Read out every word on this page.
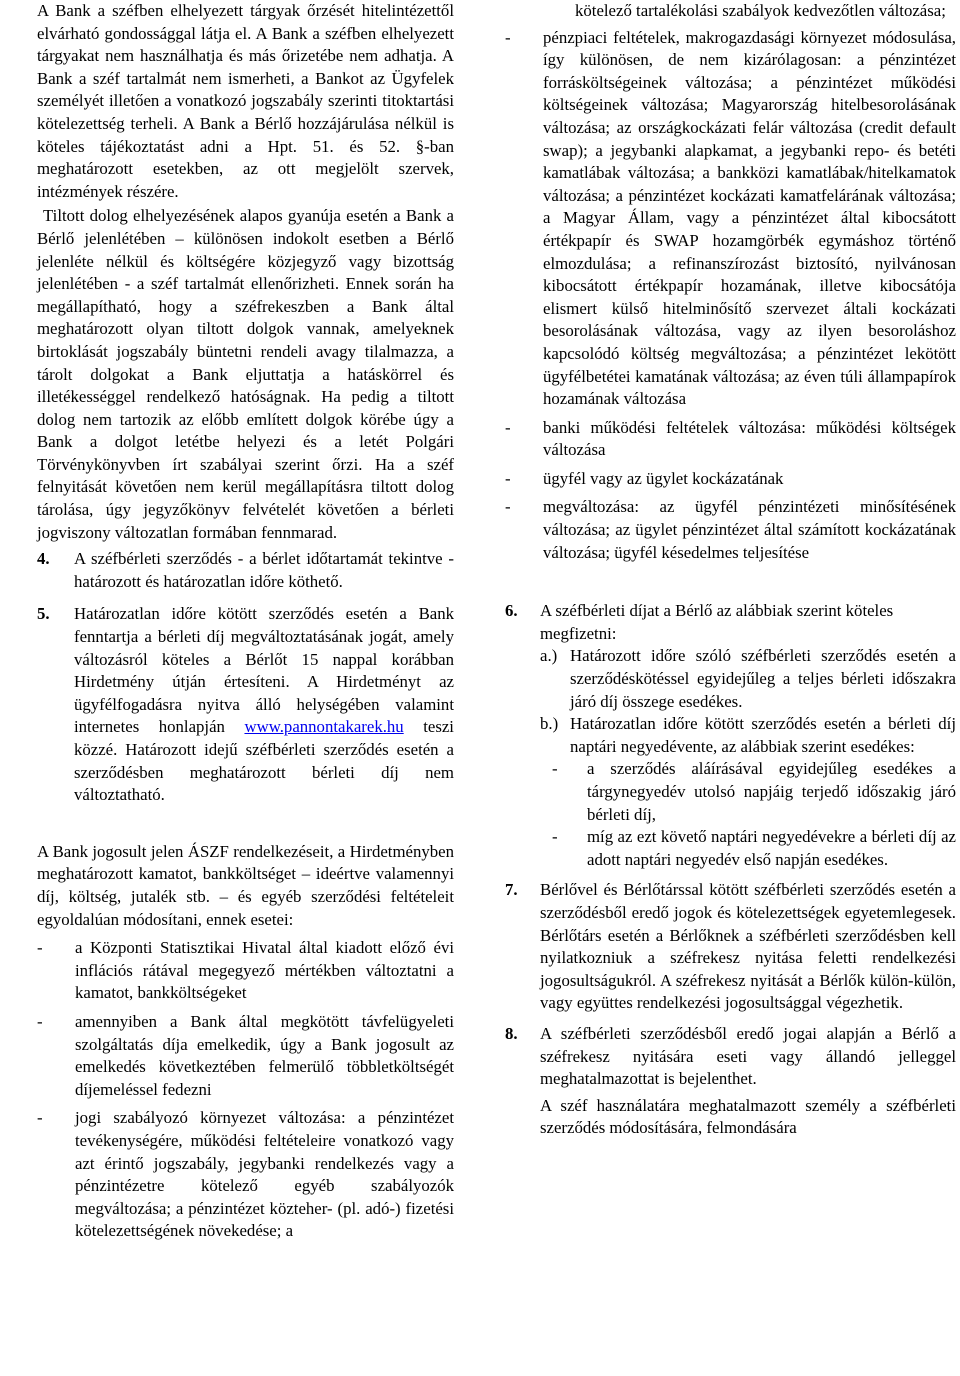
A Bank a széfben elhelyezett tárgyak őrzését hitelintézettől elvárható gondossággal látja el. A Bank a széfben elhelyezett tárgyakat nem használhatja és más őrizetébe nem adhatja. A Bank a széf tartalmát nem ismerheti, a Bankot az Ügyfelek személyét illetően a vonatkozó jogszabály szerinti titoktartási kötelezettség terheli. A Bank a Bérlő hozzájárulása nélkül is köteles tájékoztatást adni a Hpt. 51. és 52. §-ban meghatározott esetekben, az ott megjelölt szervek, intézmények részére.

Tiltott dolog elhelyezésének alapos gyanúja esetén a Bank a Bérlő jelenlétében – különösen indokolt esetben a Bérlő jelenléte nélkül és költségére közjegyző vagy bizottság jelenlétében - a széf tartalmát ellenőrizheti. Ennek során ha megállapítható, hogy a széfrekeszben a Bank által meghatározott olyan tiltott dolgok vannak, amelyeknek birtoklását jogszabály büntetni rendeli avagy tilalmazza, a tárolt dolgokat a Bank eljuttatja a hatáskörrel és illetékességgel rendelkező hatóságnak. Ha pedig a tiltott dolog nem tartozik az előbb említett dolgok körébe úgy a Bank a dolgot letétbe helyezi és a letét Polgári Törvénykönyvben írt szabályai szerint őrzi. Ha a széf felnyitását követően nem kerül megállapításra tiltott dolog tárolása, úgy jegyzőkönyv felvételét követően a bérleti jogviszony változatlan formában fennmarad.

4.	A széfbérleti szerződés - a bérlet időtartamát tekintve - határozott és határozatlan időre köthető.
5.	Határozatlan időre kötött szerződés esetén a Bank fenntartja a bérleti díj megváltoztatásának jogát, amely változásról köteles a Bérlőt 15 nappal korábban Hirdetmény útján értesíteni. A Hirdetményt az ügyfélfogadásra nyitva álló helységében valamint internetes honlapján www.pannontakarek.hu teszi közzé. Határozott idejű széfbérleti szerződés esetén a szerződésben meghatározott bérleti díj nem változtatható.

A Bank jogosult jelen ÁSZF rendelkezéseit, a Hirdetményben meghatározott kamatot, bankköltséget – ideértve valamennyi díj, költség, jutalék stb. – és egyéb szerződési feltételeit egyoldalúan módosítani, ennek esetei:

-	a Központi Statisztikai Hivatal által kiadott előző évi inflációs rátával megegyező mértékben változtatni a kamatot, bankköltségeket
-	amennyiben a Bank által megkötött távfelügyeleti szolgáltatás díja emelkedik, úgy a Bank jogosult az emelkedés következtében felmerülő többletköltségét díjemeléssel fedezni
-	jogi szabályozó környezet változása: a pénzintézet tevékenységére, működési feltételeire vonatkozó vagy azt érintő jogszabály, jegybanki rendelkezés vagy a pénzintézetre kötelező egyéb szabályozók megváltozása; a pénzintézet közteher- (pl. adó-) fizetési kötelezettségének növekedése; a

kötelező tartalékolási szabályok kedvezőtlen változása;

-	pénzpiaci feltételek, makrogazdasági környezet módosulása, így különösen, de nem kizárólagosan: a pénzintézet forrásköltségeinek változása; a pénzintézet működési költségeinek változása; Magyarország hitelbesorolásának változása; az országkockázati felár változása (credit default swap); a jegybanki alapkamat, a jegybanki repo- és betéti kamatlábak változása; a bankközi kamatlábak/hitelkamatok változása; a pénzintézet kockázati kamatfelárának változása; a Magyar Állam, vagy a pénzintézet által kibocsátott értékpapír és SWAP hozamgörbék egymáshoz történő elmozdulása; a refinanszírozást biztosító, nyilvánosan kibocsátott értékpapír hozamának, illetve kibocsátója elismert külső hitelminősítő szervezet általi kockázati besorolásának változása, vagy az ilyen besoroláshoz kapcsolódó költség megváltozása; a pénzintézet lekötött ügyfélbetétei kamatának változása; az éven túli állampapírok hozamának változása
-	banki működési feltételek változása: működési költségek változása
-	ügyfél vagy az ügylet kockázatának
-	megváltozása: az ügyfél pénzintézeti minősítésének változása; az ügylet pénzintézet által számított kockázatának változása; ügyfél késedelmes teljesítése
6.	A széfbérleti díjat a Bérlő az alábbiak szerint köteles megfizetni:

a.) Határozott időre szóló széfbérleti szerződés esetén a szerződéskötéssel egyidejűleg a teljes bérleti időszakra járó díj összege esedékes.
b.) Határozatlan időre kötött szerződés esetén a bérleti díj naptári negyedévente, az alábbiak szerint esedékes:

-	a szerződés aláírásával egyidejűleg esedékes a tárgynegyedév utolsó napjáig terjedő időszakig járó bérleti díj,
-	míg az ezt követő naptári negyedévekre a bérleti díj az adott naptári negyedév első napján esedékes.
7.	Bérlővel és Bérlőtárssal kötött széfbérleti szerződés esetén a szerződésből eredő jogok és kötelezettségek egyetemlegesek. Bérlőtárs esetén a Bérlőknek a széfbérleti szerződésben kell nyilatkozniuk a széfrekesz nyitása feletti rendelkezési jogosultságukról. A széfrekesz nyitását a Bérlők külön-külön, vagy együttes rendelkezési jogosultsággal végezhetik.
8.	A széfbérleti szerződésből eredő jogai alapján a Bérlő a széfrekesz nyitására eseti vagy állandó jelleggel meghatalmazottat is bejelenthet.

A széf használatára meghatalmazott személy a széfbérleti szerződés módosítására, felmondására
